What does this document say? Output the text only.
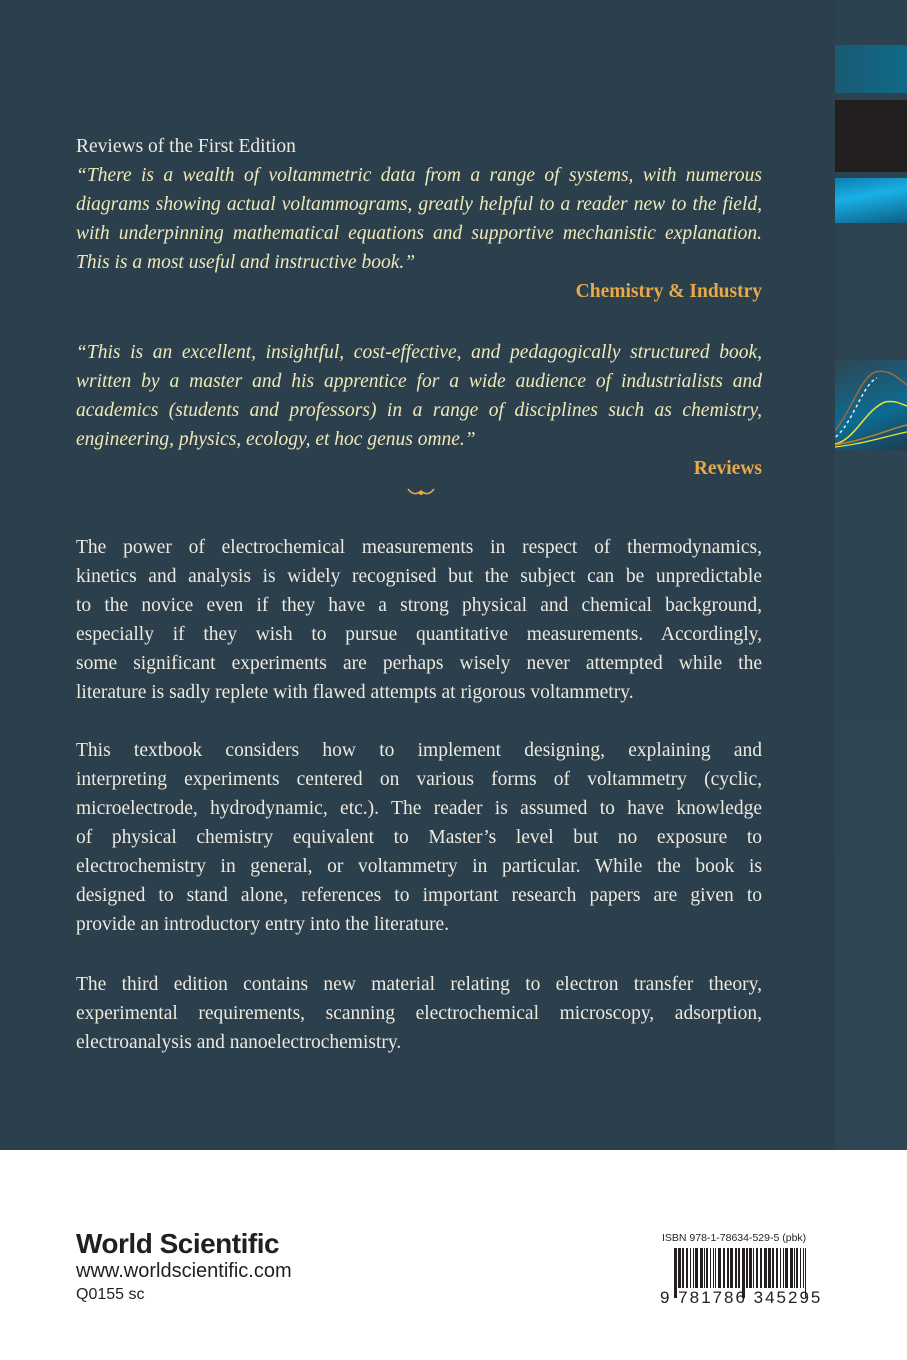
Reviews of the First Edition
“There is a wealth of voltammetric data from a range of systems, with numerous
diagrams showing actual voltammograms, greatly helpful to a reader new to the field,
with underpinning mathematical equations and supportive mechanistic explanation.
This is a most useful and instructive book.”
Chemistry & Industry
“This is an excellent, insightful, cost-effective, and pedagogically structured book,
written by a master and his apprentice for a wide audience of industrialists and
academics (students and professors) in a range of disciplines such as chemistry,
engineering, physics, ecology, et hoc genus omne.”
Reviews
The power of electrochemical measurements in respect of thermodynamics,
kinetics and analysis is widely recognised but the subject can be unpredictable
to the novice even if they have a strong physical and chemical background,
especially if they wish to pursue quantitative measurements. Accordingly,
some significant experiments are perhaps wisely never attempted while the
literature is sadly replete with flawed attempts at rigorous voltammetry.
This textbook considers how to implement designing, explaining and
interpreting experiments centered on various forms of voltammetry (cyclic,
microelectrode, hydrodynamic, etc.). The reader is assumed to have knowledge
of physical chemistry equivalent to Master’s level but no exposure to
electrochemistry in general, or voltammetry in particular. While the book is
designed to stand alone, references to important research papers are given to
provide an introductory entry into the literature.
The third edition contains new material relating to electron transfer theory,
experimental requirements, scanning electrochemical microscopy, adsorption,
electroanalysis and nanoelectrochemistry.
World Scientific
www.worldscientific.com
Q0155 sc
ISBN 978-1-78634-529-5 (pbk)
9 781786 345295
